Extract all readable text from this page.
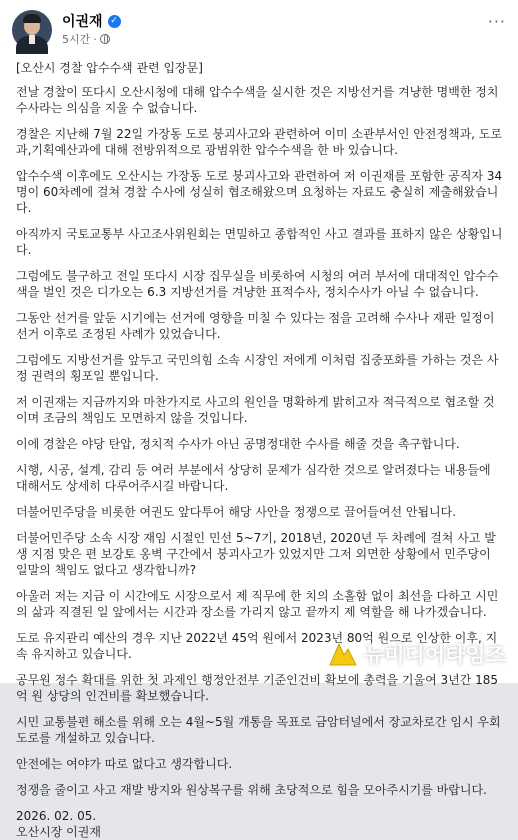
이권재 ✓
5시간 ·
···

[오산시 경찰 압수수색 관련 입장문]

전날 경찰이 또다시 오산시청에 대해 압수수색을 실시한 것은 지방선거를 겨냥한 명백한 정치수사라는 의심을 지울 수 없습니다.

경찰은 지난해 7월 22일 가장동 도로 붕괴사고와 관련하여 이미 소관부서인 안전정책과, 도로과,기획예산과에 대해 전방위적으로 광범위한 압수수색을 한 바 있습니다.

압수수색 이후에도 오산시는 가장동 도로 붕괴사고와 관련하여 저 이권재를 포함한 공직자 34명이 60차례에 걸쳐 경찰 수사에 성실히 협조해왔으며 요청하는 자료도 충실히 제출해왔습니다.

아직까지 국토교통부 사고조사위원회는 면밀하고 종합적인 사고 결과를 표하지 않은 상황입니다.

그럼에도 불구하고 전일 또다시 시장 집무실을 비롯하여 시청의 여러 부서에 대대적인 압수수색을 벌인 것은 디가오는 6.3 지방선거를 겨냥한 표적수사, 정치수사가 아닐 수 없습니다.

그동안 선거를 앞둔 시기에는 선거에 영향을 미칠 수 있다는 점을 고려해 수사나 재판 일정이 선거 이후로 조정된 사례가 있었습니다.

그럼에도 지방선거를 앞두고 국민의힘 소속 시장인 저에게 이처럼 집중포화를 가하는 것은 사정 권력의 횡포일 뿐입니다.

저 이권재는 지금까지와 마찬가지로 사고의 원인을 명확하게 밝히고자 적극적으로 협조할 것이며 조금의 책임도 모면하지 않을 것입니다.

이에 경찰은 야당 탄압, 정치적 수사가 아닌 공명정대한 수사를 해줄 것을 촉구합니다.

시행, 시공, 설계, 감리 등 여러 부분에서 상당히 문제가 심각한 것으로 알려졌다는 내용들에 대해서도 상세히 다루어주시길 바랍니다.

더불어민주당을 비롯한 여권도 앞다투어 해당 사안을 정쟁으로 끌어들여선 안됩니다.

더불어민주당 소속 시장 재임 시절인 민선 5~7기, 2018년, 2020년 두 차례에 걸쳐 사고 발생 지점 맞은 편 보강토 옹벽 구간에서 붕괴사고가 있었지만 그저 외면한 상황에서 민주당이 일말의 책임도 없다고 생각합니까?

아울러 저는 지금 이 시간에도 시장으로서 제 직무에 한 치의 소홀함 없이 최선을 다하고 시민의 삶과 직결된 일 앞에서는 시간과 장소를 가리지 않고 끝까지 제 역할을 해 나가겠습니다.

도로 유지관리 예산의 경우 지난 2022년 45억 원에서 2023년 80억 원으로 인상한 이후, 지속 유지하고 있습니다.

공무원 정수 확대를 위한 첫 과제인 행정안전부 기준인건비 확보에 총력을 기울여 3년간 185억 원 상당의 인건비를 확보했습니다.

시민 교통불편 해소를 위해 오는 4월~5월 개통을 목표로 금암터널에서 장교차로간 임시 우회도로를 개설하고 있습니다.

안전에는 여야가 따로 없다고 생각합니다.

정쟁을 줄이고 사고 재발 방지와 원상복구를 위해 초당적으로 힘을 모아주시기를 바랍니다.

2026. 02. 05.

오산시장 이권재

뉴미디어타임즈
